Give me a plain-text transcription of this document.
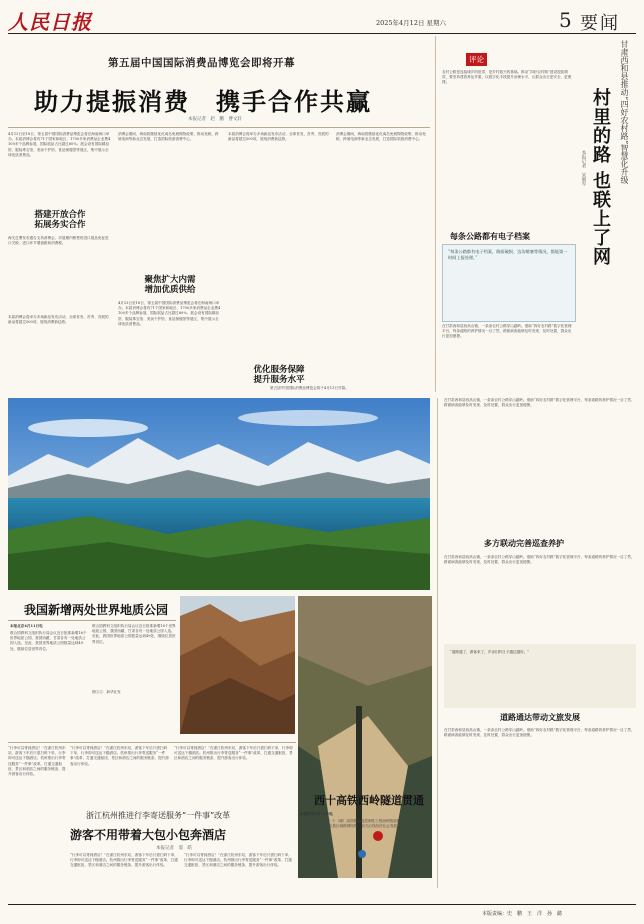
人民日报	2025年4月12日 星期六	5 要闻
第五届中国国际消费品博览会即将开幕
助力提振消费　携手合作共赢
本报记者　赵　鹏　曹文轩
4月13日至18日，第五届中国国际消费品博览会将在海南海口举办。本届消博会将有71个国家和地区、1700多家消费品企业携4100多个品牌参展，国际展品占比超过60%。展会设有国际精品馆、服装珠宝馆、美妆个护馆、食品保健馆等展区，集中展示全球优质消费品。
搭建开放合作
拓展务实合作
海关总署发布通告支持消博会，对展期内销售的进口展品免征进口关税、进口环节增值税和消费税。
本届消博会将举办多场新品发布活动，全球首发、首秀、首展的新品将超过500项，展现消费新趋势。
消博会期间，海南将继续优化离岛免税购物政策，推动免税、跨境电商等新业态发展，打造国际旅游消费中心。
聚焦扩大内需
增加优质供给
4月13日至18日，第五届中国国际消费品博览会将在海南海口举办。本届消博会将有71个国家和地区、1700多家消费品企业携4100多个品牌参展，国际展品占比超过60%。展会设有国际精品馆、服装珠宝馆、美妆个护馆、食品保健馆等展区，集中展示全球优质消费品。
本届消博会将举办多场新品发布活动，全球首发、首秀、首展的新品将超过500项，展现消费新趋势。
优化服务保障
提升服务水平
消博会期间，海南将继续优化离岛免税购物政策，推动免税、跨境电商等新业态发展，打造国际旅游消费中心。
第五届中国国际消费品博览会将于4月13日开幕。
评论
农村公路是连接城乡的纽带，是乡村振兴的基础。推动“四好农村路”建设提质增效，要坚持建管养运并重，以数字化手段提升治理水平，让群众出行更安全、更便捷。	甘肃西和县推动“四好农村路”智慧化升级
村里的路 也联上了网
本报记者　宋朝军
每条公路都有电子档案
“每条公路都有电子档案，路面破损、边沟堵塞等情况，都能第一时间上报处理。”
在甘肃西和县西高山镇，一条条农村公路穿山越岭。借助“四好农村路”数字化管理平台，每条道路的养护情况一目了然，路面病害能够及时发现、及时处置，群众出行更加便捷。
在甘肃西和县西高山镇，一条条农村公路穿山越岭。借助“四好农村路”数字化管理平台，每条道路的养护情况一目了然，路面病害能够及时发现、及时处置，群众出行更加便捷。
多方联动完善巡查养护
在甘肃西和县西高山镇，一条条农村公路穿山越岭。借助“四好农村路”数字化管理平台，每条道路的养护情况一目了然，路面病害能够及时发现、及时处置，群众出行更加便捷。
“道路通了，游客来了，乡亲们的日子越过越好。”
道路通达带动文旅发展
在甘肃西和县西高山镇，一条条农村公路穿山越岭。借助“四好农村路”数字化管理平台，每条道路的养护情况一目了然，路面病害能够及时发现、及时处置，群众出行更加便捷。
我国新增两处世界地质公园
本报北京4月11日电
联合国教科文组织执行局会议近日批准新增16个世界地质公园，我国西藏、甘肃各有一处地质公园入选。至此，我国世界地质公园数量达到49处，继续位居世界首位。
联合国教科文组织执行局会议近日批准新增16个世界地质公园，我国西藏、甘肃各有一处地质公园入选。至此，我国世界地质公园数量达到49处，继续位居世界首位。
图①②：新华社发
“行李可以寄到酒店！”在浙江杭州东站，游客下车后只需扫码下单，行李即可送达下榻酒店。杭州推出行李寄送服务“一件事”改革，打通交通枢纽、景区和酒店之间的服务链条，提升游客出行体验。
“行李可以寄到酒店！”在浙江杭州东站，游客下车后只需扫码下单，行李即可送达下榻酒店。杭州推出行李寄送服务“一件事”改革，打通交通枢纽、景区和酒店之间的服务链条，提升游客出行体验。
“行李可以寄到酒店！”在浙江杭州东站，游客下车后只需扫码下单，行李即可送达下榻酒店。杭州推出行李寄送服务“一件事”改革，打通交通枢纽、景区和酒店之间的服务链条，提升游客出行体验。
浙江杭州推进行李寄送服务“一件事”改革
游客不用带着大包小包奔酒店
本报记者　窦　皓
“行李可以寄到酒店！”在浙江杭州东站，游客下车后只需扫码下单，行李即可送达下榻酒店。杭州推出行李寄送服务“一件事”改革，打通交通枢纽、景区和酒店之间的服务链条，提升游客出行体验。
“行李可以寄到酒店！”在浙江杭州东站，游客下车后只需扫码下单，行李即可送达下榻酒店。杭州推出行李寄送服务“一件事”改革，打通交通枢纽、景区和酒店之间的服务链条，提升游客出行体验。
西十高铁西岭隧道贯通
本报西安4月11日电
4月11日，西（安）十（堰）高铁陕西段控制性工程西岭隧道顺利贯通。西十高铁建成后，将进一步完善区域路网结构，助力沿线经济社会发展。
本版责编：史　鹏　王　洋　孙　懿
